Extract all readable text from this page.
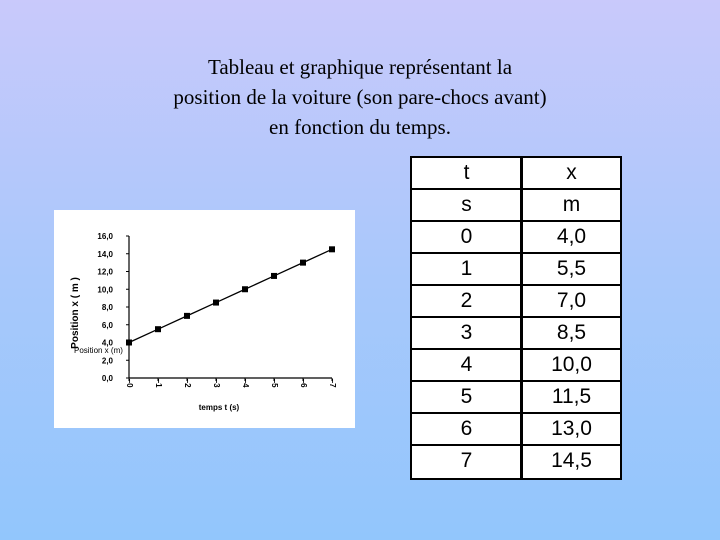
Tableau et graphique représentant la
position de la voiture (son pare-chocs avant)
en fonction du temps.
0,0
2,0
4,0
6,0
8,0
10,0
12,0
14,0
16,0
−0	−1	−2	−3	−4	−5	−6	−7
Position x ( m )
Position x (m)
temps t (s)
t	x
s	m
0	4,0
1	5,5
2	7,0
3	8,5
4	10,0
5	11,5
6	13,0
7	14,5
